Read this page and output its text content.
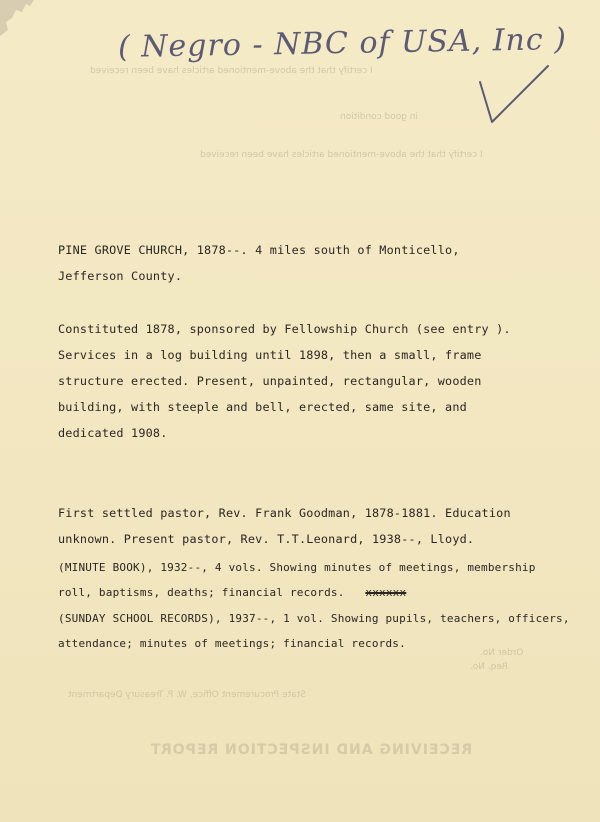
( Negro - NBC of USA, Inc )
I certify that the above-mentioned articles have been received
in good condition
I certify that the above-mentioned articles have been received
Order No.
Req. No.
State Procurement Office, W. P. Treasury Department
RECEIVING AND INSPECTION REPORT
PINE GROVE CHURCH, 1878--. 4 miles south of Monticello,
Jefferson County.
Constituted 1878, sponsored by Fellowship Church (see entry ).
Services in a log building until 1898, then a small, frame
structure erected. Present, unpainted, rectangular, wooden
building, with steeple and bell, erected, same site, and
dedicated 1908.
First settled pastor, Rev. Frank Goodman, 1878-1881. Education
unknown. Present pastor, Rev. T.T.Leonard, 1938--, Lloyd.
(MINUTE BOOK), 1932--, 4 vols. Showing minutes of meetings, membership
roll, baptisms, deaths; financial records. xxxxxx
(SUNDAY SCHOOL RECORDS), 1937--, 1 vol. Showing pupils, teachers, officers,
attendance; minutes of meetings; financial records.
